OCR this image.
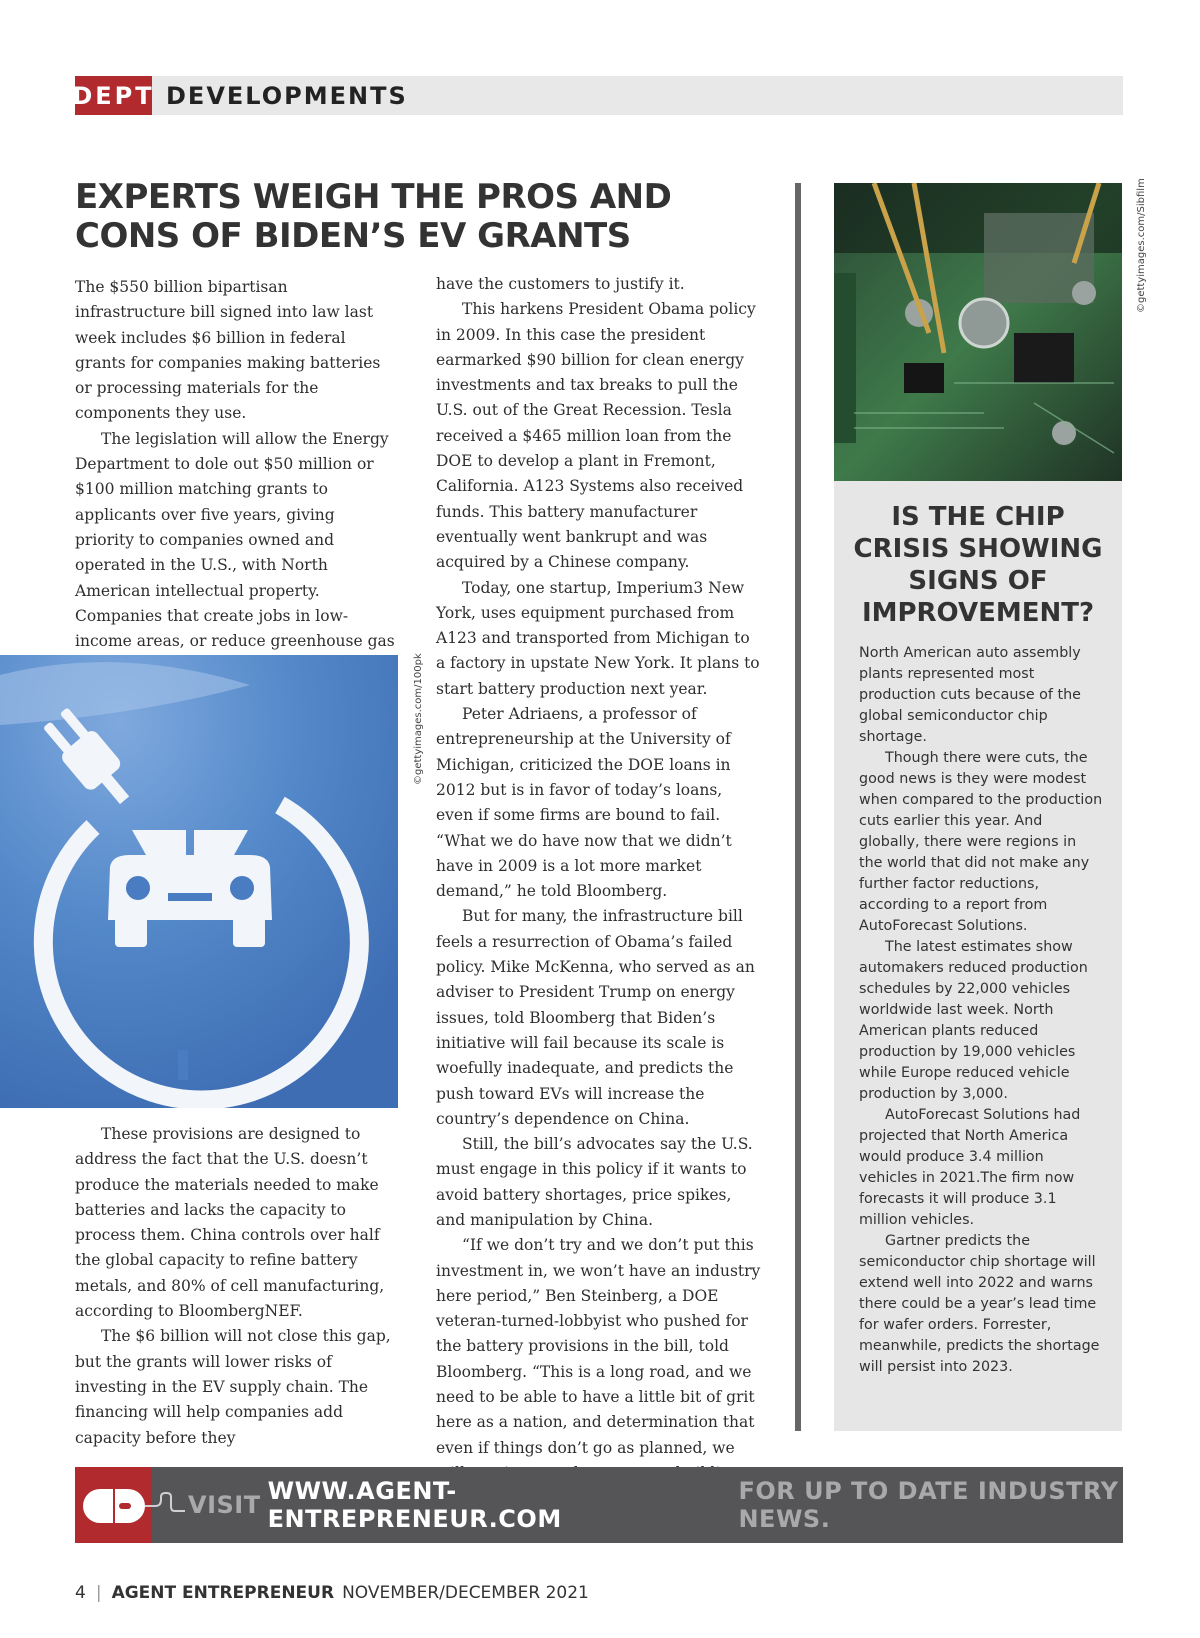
DEPT DEVELOPMENTS
EXPERTS WEIGH THE PROS AND
CONS OF BIDEN’S EV GRANTS

The $550 billion bipartisan infrastructure bill signed into law last week includes $6 billion in federal grants for companies making batteries or processing materials for the components they use.

The legislation will allow the Energy Department to dole out $50 million or $100 million matching grants to applicants over five years, giving priority to companies owned and operated in the U.S., with North American intellectual property. Companies that create jobs in low-income areas, or reduce greenhouse gas

©gettyimages.com/100pk

These provisions are designed to address the fact that the U.S. doesn’t produce the materials needed to make batteries and lacks the capacity to process them. China controls over half the global capacity to refine battery metals, and 80% of cell manufacturing, according to BloombergNEF.

The $6 billion will not close this gap, but the grants will lower risks of investing in the EV supply chain. The financing will help companies add capacity before they

have the customers to justify it.

This harkens President Obama policy in 2009. In this case the president earmarked $90 billion for clean energy investments and tax breaks to pull the U.S. out of the Great Recession. Tesla received a $465 million loan from the DOE to develop a plant in Fremont, California. A123 Systems also received funds. This battery manufacturer eventually went bankrupt and was acquired by a Chinese company.

Today, one startup, Imperium3 New York, uses equipment purchased from A123 and transported from Michigan to a factory in upstate New York. It plans to start battery production next year.

Peter Adriaens, a professor of entrepreneurship at the University of Michigan, criticized the DOE loans in 2012 but is in favor of today’s loans, even if some firms are bound to fail. “What we do have now that we didn’t have in 2009 is a lot more market demand,” he told Bloomberg.

But for many, the infrastructure bill feels a resurrection of Obama’s failed policy. Mike McKenna, who served as an adviser to President Trump on energy issues, told Bloomberg that Biden’s initiative will fail because its scale is woefully inadequate, and predicts the push toward EVs will increase the country’s dependence on China.

Still, the bill’s advocates say the U.S. must engage in this policy if it wants to avoid battery shortages, price spikes, and manipulation by China.

“If we don’t try and we don’t put this investment in, we won’t have an industry here period,” Ben Steinberg, a DOE veteran-turned-lobbyist who pushed for the battery provisions in the bill, told Bloomberg. “This is a long road, and we need to be able to have a little bit of grit here as a nation, and determination that even if things don’t go as planned, we

©gettyimages.com/Sibfilm
IS THE CHIP
CRISIS SHOWING
SIGNS OF
IMPROVEMENT?

North American auto assembly plants represented most production cuts because of the global semiconductor chip shortage.

Though there were cuts, the good news is they were modest when compared to the production cuts earlier this year. And globally, there were regions in the world that did not make any further factor reductions, according to a report from AutoForecast Solutions.

The latest estimates show automakers reduced production schedules by 22,000 vehicles worldwide last week. North American plants reduced production by 19,000 vehicles while Europe reduced vehicle production by 3,000.

AutoForecast Solutions had projected that North America would produce 3.4 million vehicles in 2021.The firm now forecasts it will produce 3.1 million vehicles.

Gartner predicts the semiconductor chip shortage will extend well into 2022 and warns there could be a year’s lead time for wafer orders. Forrester, meanwhile, predicts the shortage will persist into 2023.

VISIT WWW.AGENT-ENTREPRENEUR.COM
FOR UP TO DATE INDUSTRY NEWS.
4 | AGENT ENTREPRENEUR NOVEMBER/DECEMBER 2021
